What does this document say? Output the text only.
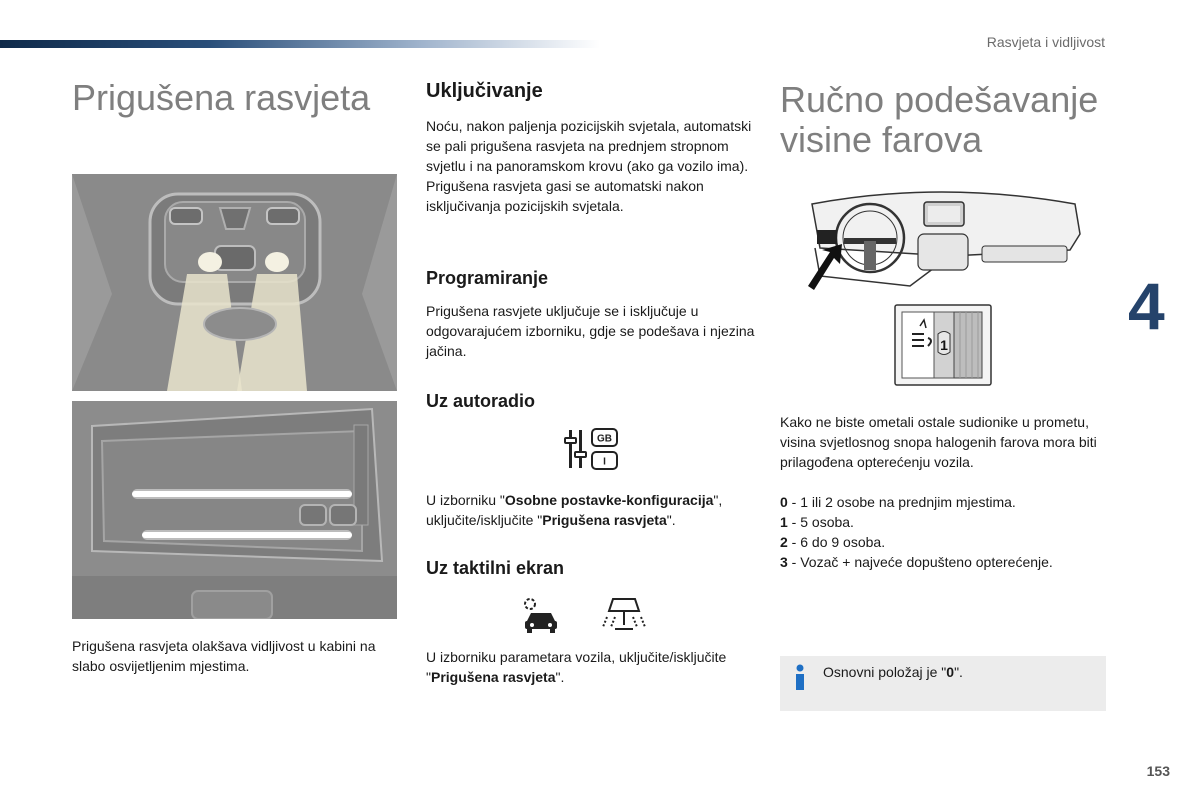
Rasvjeta i vidljivost
4
153
Prigušena rasvjeta

Prigušena rasvjeta olakšava vidljivost u kabini na slabo osvijetljenim mjestima.

Uključivanje

Noću, nakon paljenja pozicijskih svjetala, automatski se pali prigušena rasvjeta na prednjem stropnom svjetlu i na panoramskom krovu (ako ga vozilo ima).

Prigušena rasvjeta gasi se automatski nakon isključivanja pozicijskih svjetala.

Programiranje

Prigušena rasvjete uključuje se i isključuje u odgovarajućem izborniku, gdje se podešava i njezina jačina.

Uz autoradio
GB
I

U izborniku "Osobne postavke-konfiguracija", uključite/isključite "Prigušena rasvjeta".

Uz taktilni ekran

U izborniku parametara vozila, uključite/isključite "Prigušena rasvjeta".

Ručno podešavanje
visine farova
1

Kako ne biste ometali ostale sudionike u prometu, visina svjetlosnog snopa halogenih farova mora biti prilagođena opterećenju vozila.

0 - 1 ili 2 osobe na prednjim mjestima.

1 - 5 osoba.

2 - 6 do 9 osoba.

3 - Vozač + najveće dopušteno opterećenje.

Osnovni položaj je "0".
